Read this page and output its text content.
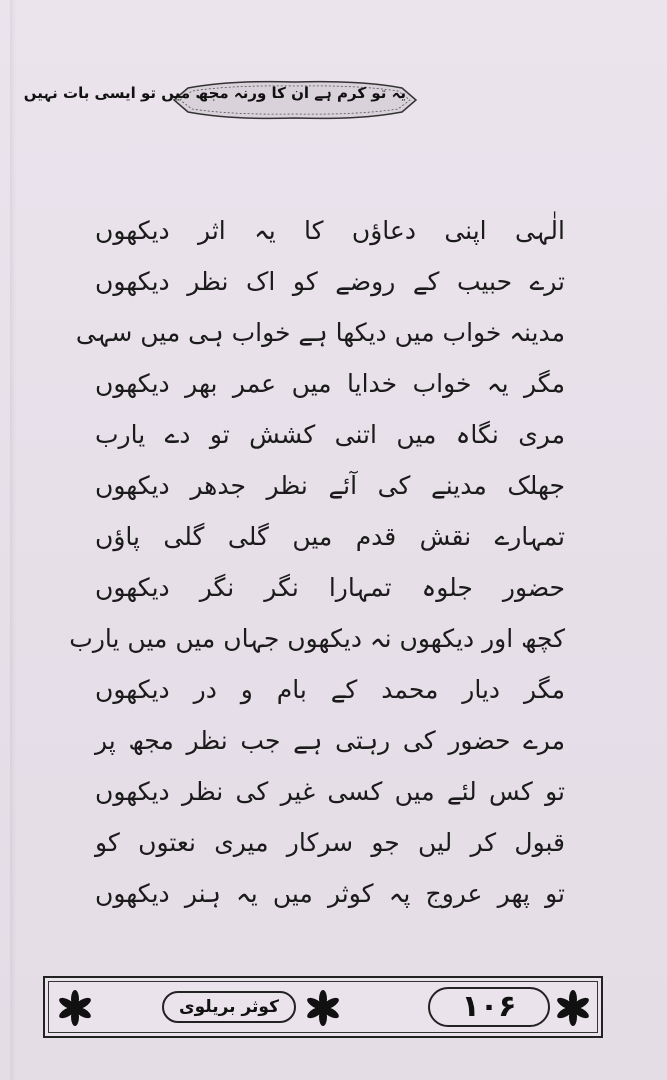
یہ تو کرم ہے ان کا ورنہ مجھ میں تو ایسی بات نہیں
الٰہی اپنی دعاؤں کا یہ اثر دیکھوں
ترے حبیب کے روضے کو اک نظر دیکھوں
مدینہ خواب میں دیکھا ہے خواب ہی میں سہی
مگر یہ خواب خدایا میں عمر بھر دیکھوں
مری نگاہ میں اتنی کشش تو دے یارب
جھلک مدینے کی آئے نظر جدھر دیکھوں
تمہارے نقش قدم میں گلی گلی پاؤں
حضور جلوہ تمہارا نگر نگر دیکھوں
کچھ اور دیکھوں نہ دیکھوں جہاں میں میں یارب
مگر دیار محمد کے بام و در دیکھوں
مرے حضور کی رہتی ہے جب نظر مجھ پر
تو کس لئے میں کسی غیر کی نظر دیکھوں
قبول کر لیں جو سرکار میری نعتوں کو
تو پھر عروج پہ کوثر میں یہ ہنر دیکھوں
کوثر بریلوی	۱۰۶
